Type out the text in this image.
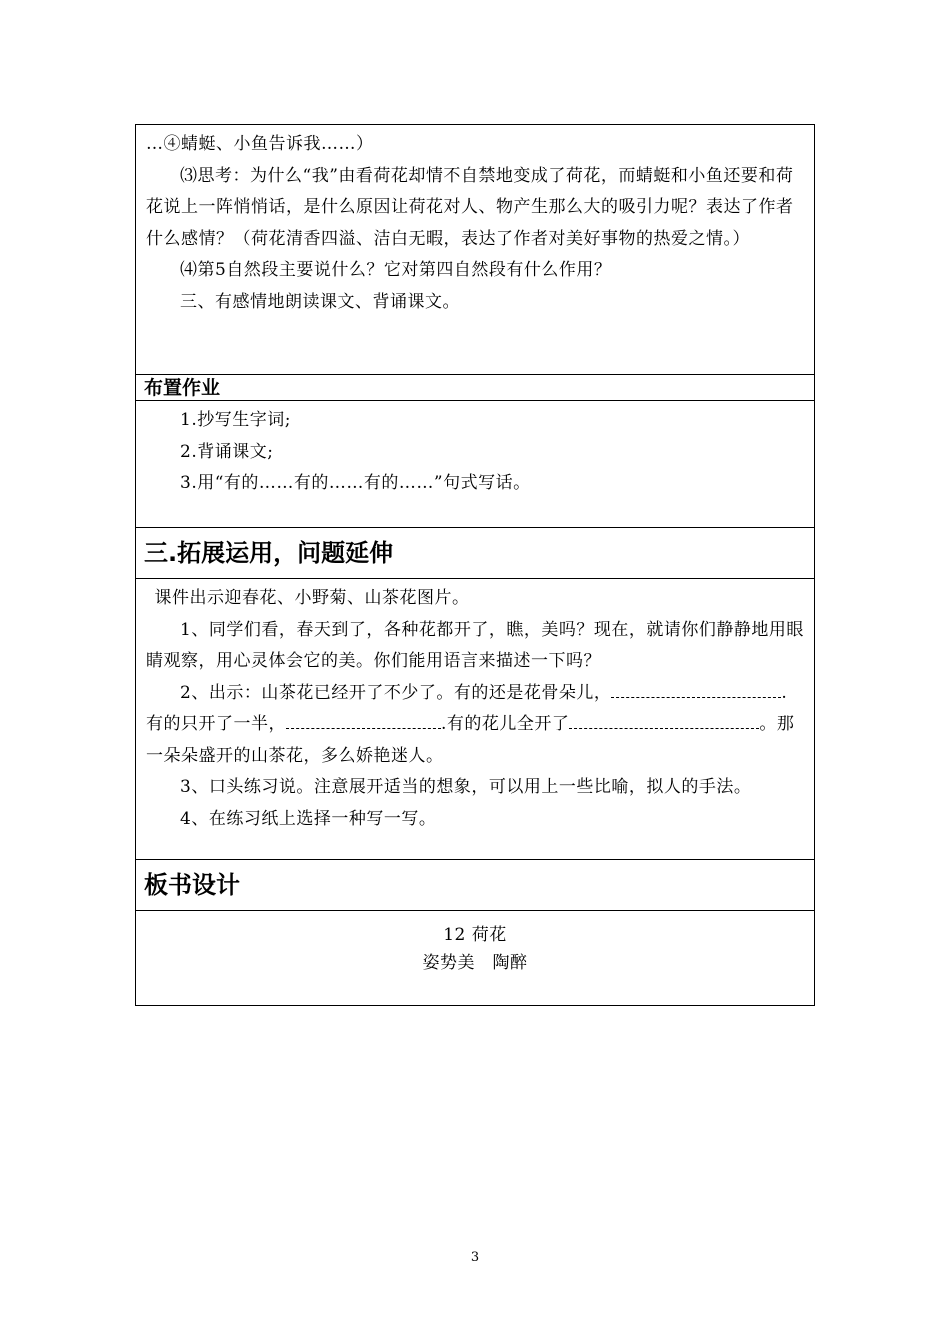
…④蜻蜓、小鱼告诉我……）

⑶思考：为什么“我”由看荷花却情不自禁地变成了荷花，而蜻蜓和小鱼还要和荷花说上一阵悄悄话，是什么原因让荷花对人、物产生那么大的吸引力呢？表达了作者什么感情？（荷花清香四溢、洁白无暇，表达了作者对美好事物的热爱之情。）

⑷第5自然段主要说什么？它对第四自然段有什么作用？

三、有感情地朗读课文、背诵课文。

布置作业

1.抄写生字词;

2.背诵课文;

3.用“有的……有的……有的……”句式写话。

三.拓展运用，问题延伸

课件出示迎春花、小野菊、山茶花图片。

1、同学们看，春天到了，各种花都开了，瞧，美吗？现在，就请你们静静地用眼睛观察，用心灵体会它的美。你们能用语言来描述一下吗？

2、出示：山茶花已经开了不少了。有的还是花骨朵儿，	.有的只开了一半，	.有的花儿全开了	。那一朵朵盛开的山茶花，多么娇艳迷人。

3、口头练习说。注意展开适当的想象，可以用上一些比喻，拟人的手法。

4、在练习纸上选择一种写一写。

板书设计

12 荷花

姿势美　陶醉

3
